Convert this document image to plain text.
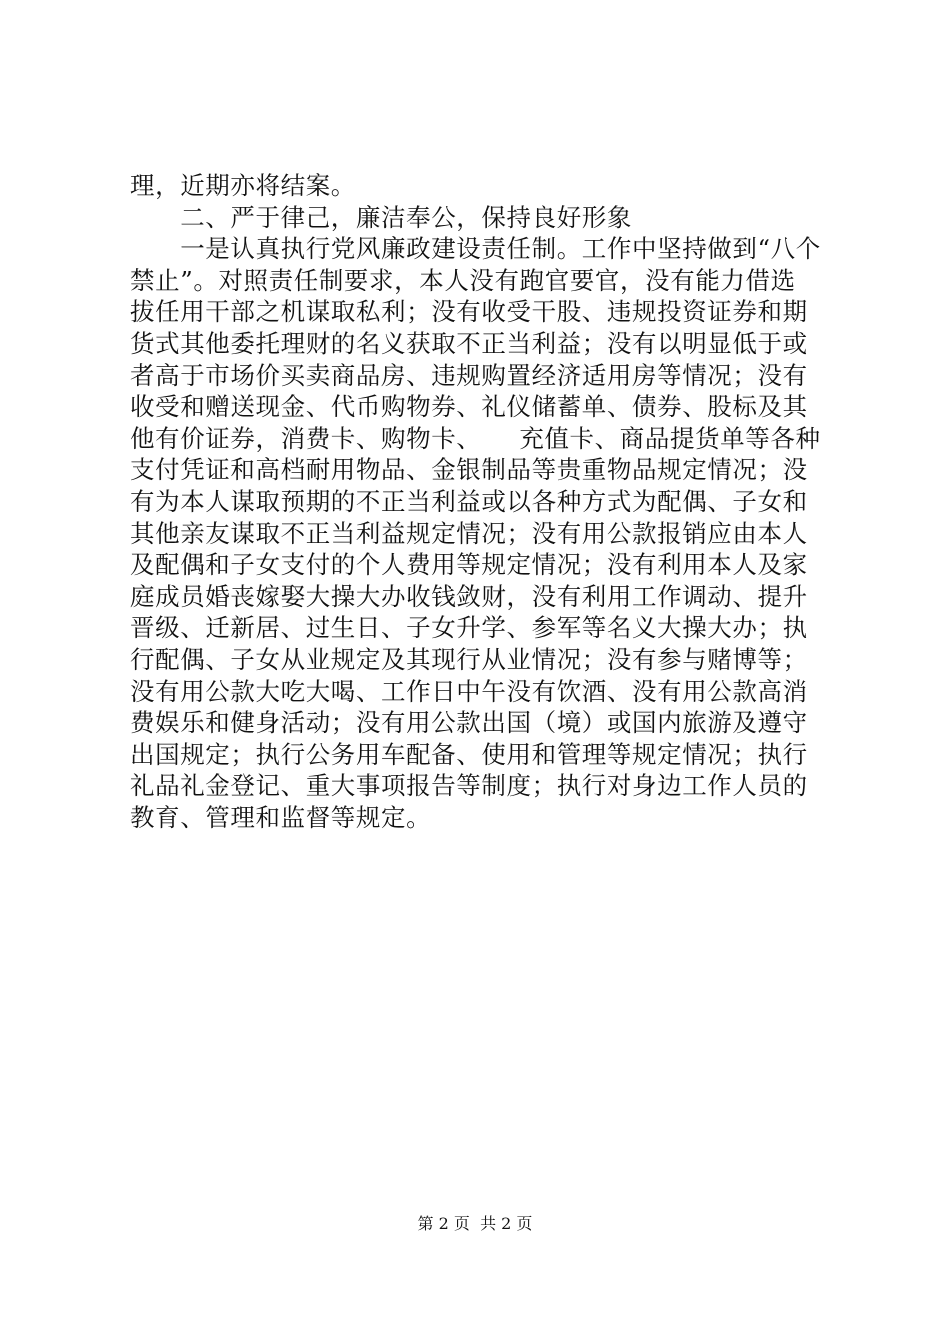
理，近期亦将结案。
　　二、严于律己，廉洁奉公，保持良好形象
　　一是认真执行党风廉政建设责任制。工作中坚持做到“八个
禁止”。对照责任制要求，本人没有跑官要官，没有能力借选
拔任用干部之机谋取私利；没有收受干股、违规投资证券和期
货式其他委托理财的名义获取不正当利益；没有以明显低于或
者高于市场价买卖商品房、违规购置经济适用房等情况；没有
收受和赠送现金、代币购物券、礼仪储蓄单、债券、股标及其
他有价证券，消费卡、购物卡、　　充值卡、商品提货单等各种
支付凭证和高档耐用物品、金银制品等贵重物品规定情况；没
有为本人谋取预期的不正当利益或以各种方式为配偶、子女和
其他亲友谋取不正当利益规定情况；没有用公款报销应由本人
及配偶和子女支付的个人费用等规定情况；没有利用本人及家
庭成员婚丧嫁娶大操大办收钱敛财，没有利用工作调动、提升
晋级、迁新居、过生日、子女升学、参军等名义大操大办；执
行配偶、子女从业规定及其现行从业情况；没有参与赌博等；
没有用公款大吃大喝、工作日中午没有饮酒、没有用公款高消
费娱乐和健身活动；没有用公款出国（境）或国内旅游及遵守
出国规定；执行公务用车配备、使用和管理等规定情况；执行
礼品礼金登记、重大事项报告等制度；执行对身边工作人员的
教育、管理和监督等规定。
第 2 页  共 2 页
